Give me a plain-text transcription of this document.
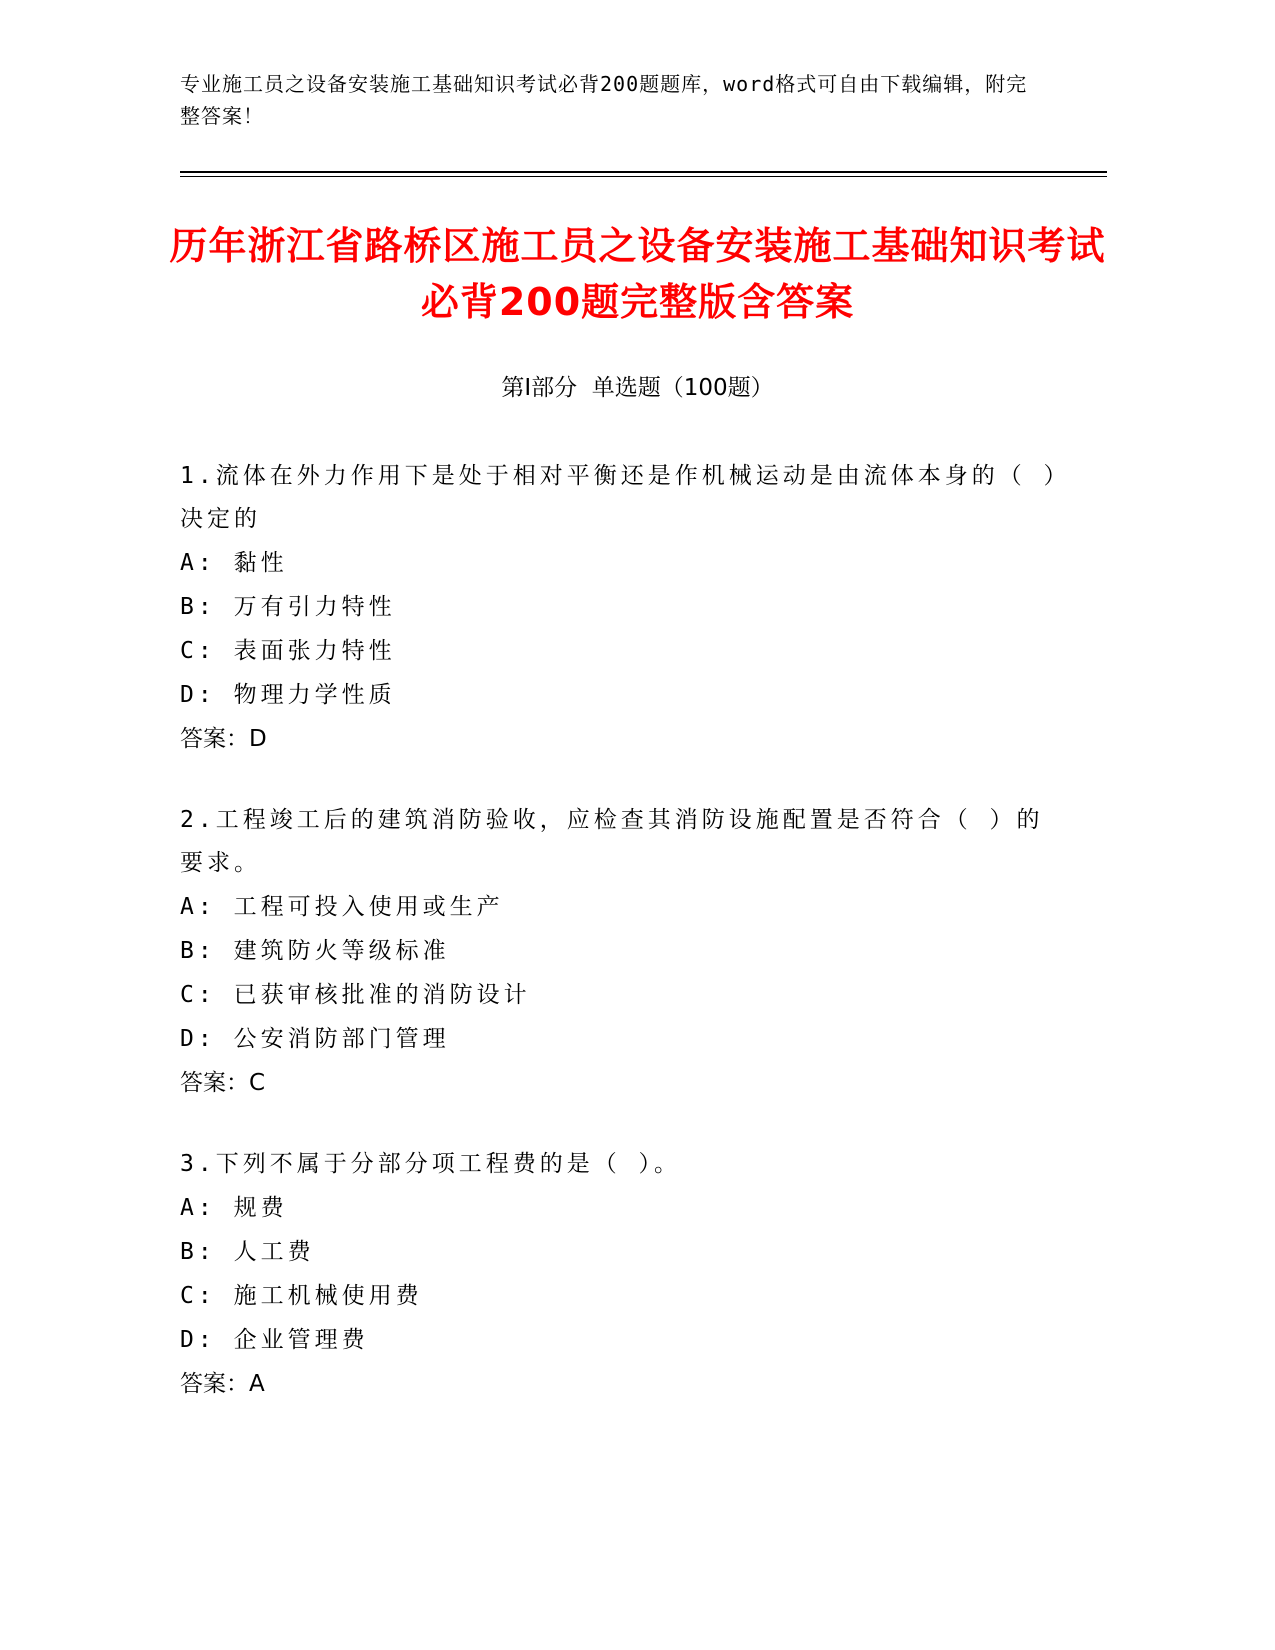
专业施工员之设备安装施工基础知识考试必背200题题库，word格式可自由下载编辑，附完整答案！
历年浙江省路桥区施工员之设备安装施工基础知识考试必背200题完整版含答案
第I部分 单选题（100题）
1.流体在外力作用下是处于相对平衡还是作机械运动是由流体本身的（ ）决定的
A: 黏性
B: 万有引力特性
C: 表面张力特性
D: 物理力学性质
答案：D
2.工程竣工后的建筑消防验收，应检查其消防设施配置是否符合（ ）的要求。
A: 工程可投入使用或生产
B: 建筑防火等级标准
C: 已获审核批准的消防设计
D: 公安消防部门管理
答案：C
3.下列不属于分部分项工程费的是（ ）。
A: 规费
B: 人工费
C: 施工机械使用费
D: 企业管理费
答案：A
